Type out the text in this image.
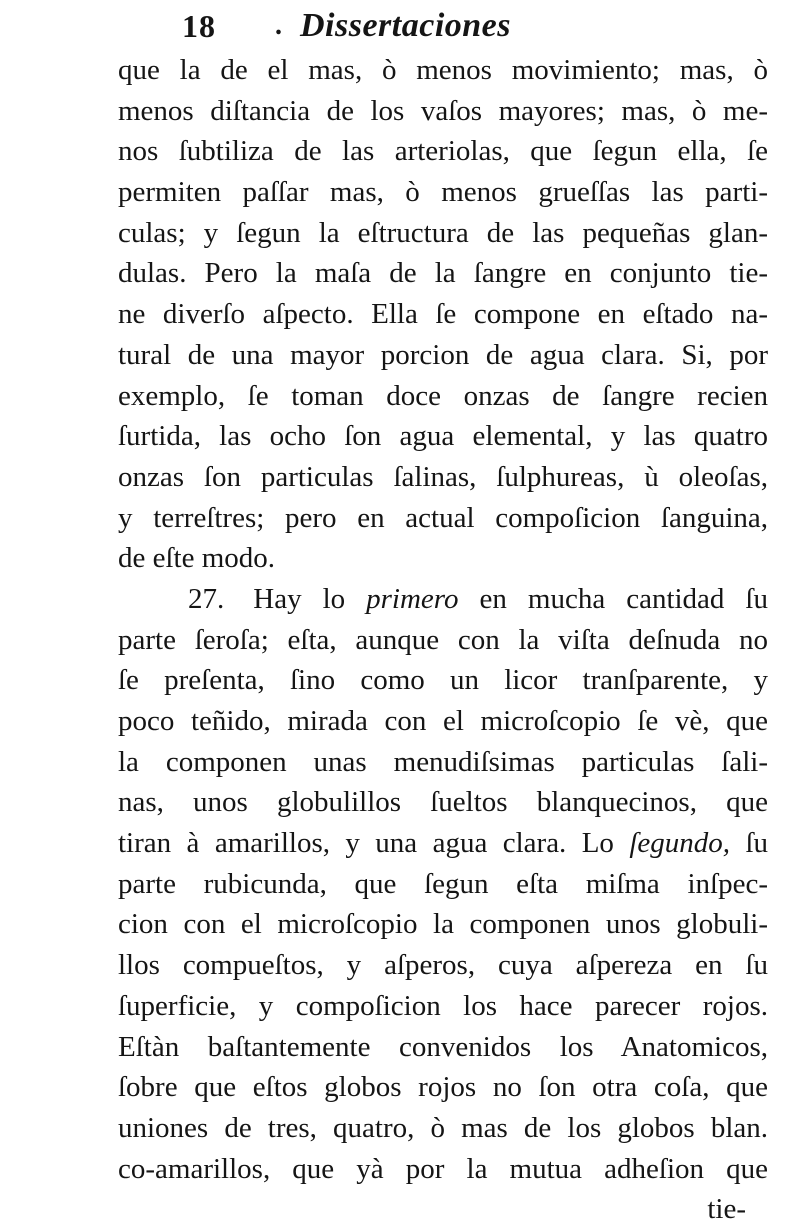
18 . Dissertaciones
que la de el mas, ò menos movimiento; mas, ò
menos diſtancia de los vaſos mayores; mas, ò me-
nos ſubtiliza de las arteriolas, que ſegun ella, ſe
permiten paſſar mas, ò menos grueſſas las parti-
culas; y ſegun la eſtructura de las pequeñas glan-
dulas. Pero la maſa de la ſangre en conjunto tie-
ne diverſo aſpecto. Ella ſe compone en eſtado na-
tural de una mayor porcion de agua clara. Si, por
exemplo, ſe toman doce onzas de ſangre recien
ſurtida, las ocho ſon agua elemental, y las quatro
onzas ſon particulas ſalinas, ſulphureas, ù oleoſas,
y terreſtres; pero en actual compoſicion ſanguina,
de eſte modo.
27.  Hay lo primero en mucha cantidad ſu
parte ſeroſa; eſta, aunque con la viſta deſnuda no
ſe preſenta, ſino como un licor tranſparente, y
poco teñido, mirada con el microſcopio ſe vè, que
la componen unas menudiſsimas particulas ſali-
nas, unos globulillos ſueltos blanquecinos, que
tiran à amarillos, y una agua clara. Lo ſegundo, ſu
parte rubicunda, que ſegun eſta miſma inſpec-
cion con el microſcopio la componen unos globuli-
llos compueſtos, y aſperos, cuya aſpereza en ſu
ſuperficie, y compoſicion los hace parecer rojos.
Eſtàn baſtantemente convenidos los Anatomicos,
ſobre que eſtos globos rojos no ſon otra coſa, que
uniones de tres, quatro, ò mas de los globos blan.
co-amarillos, que yà por la mutua adheſion que
tie-
